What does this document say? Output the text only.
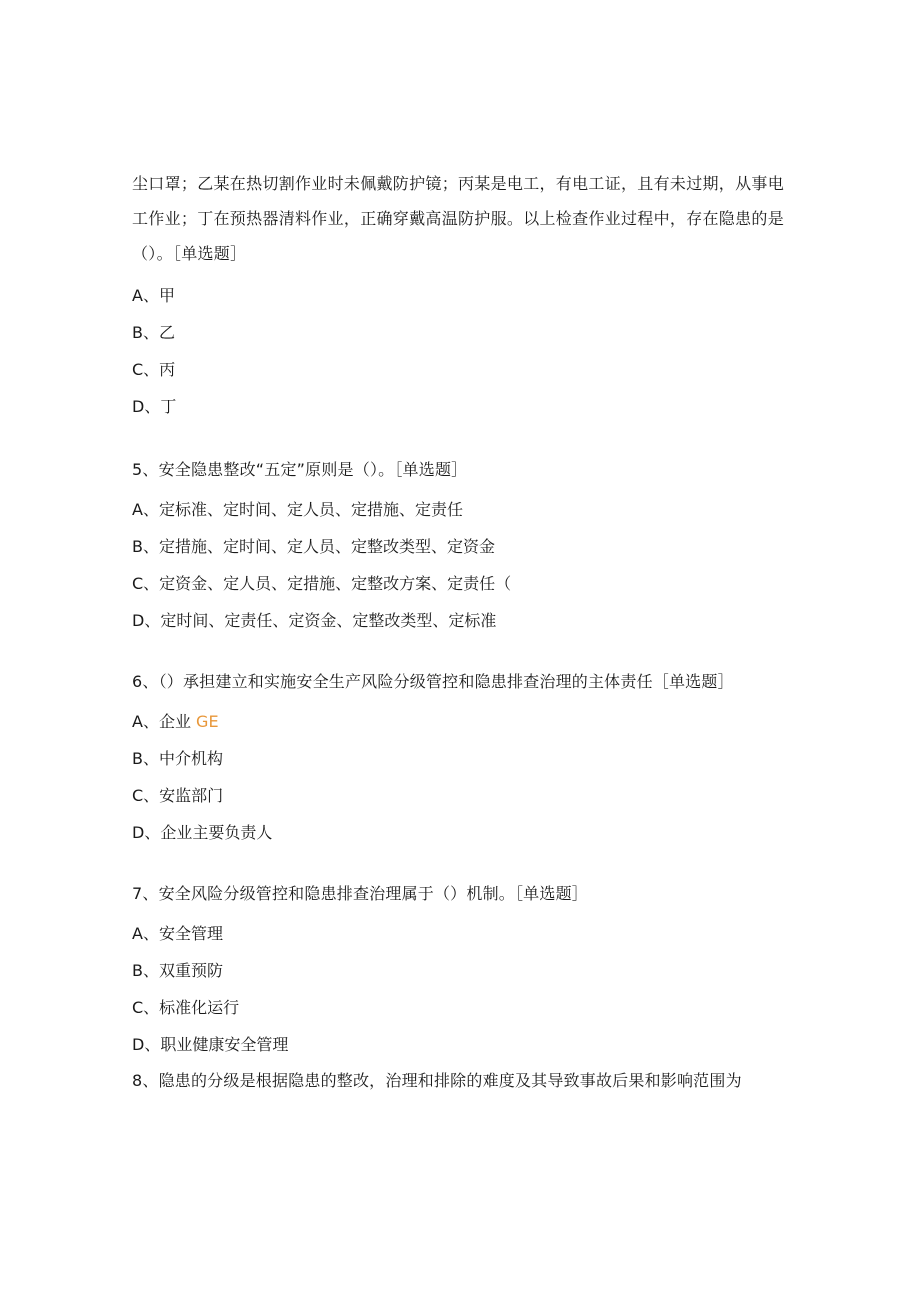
尘口罩；乙某在热切割作业时未佩戴防护镜；丙某是电工，有电工证，且有未过期，从事电工作业；丁在预热器清料作业，正确穿戴高温防护服。以上检查作业过程中，存在隐患的是（）。［单选题］

A、甲
B、乙
C、丙
D、丁
5、安全隐患整改“五定”原则是（）。［单选题］
A、定标准、定时间、定人员、定措施、定责任
B、定措施、定时间、定人员、定整改类型、定资金
C、定资金、定人员、定措施、定整改方案、定责任（
D、定时间、定责任、定资金、定整改类型、定标准
6、（）承担建立和实施安全生产风险分级管控和隐患排查治理的主体责任［单选题］
A、企业 GE
B、中介机构
C、安监部门
D、企业主要负责人
7、安全风险分级管控和隐患排查治理属于（）机制。［单选题］
A、安全管理
B、双重预防
C、标准化运行
D、职业健康安全管理
8、隐患的分级是根据隐患的整改，治理和排除的难度及其导致事故后果和影响范围为
